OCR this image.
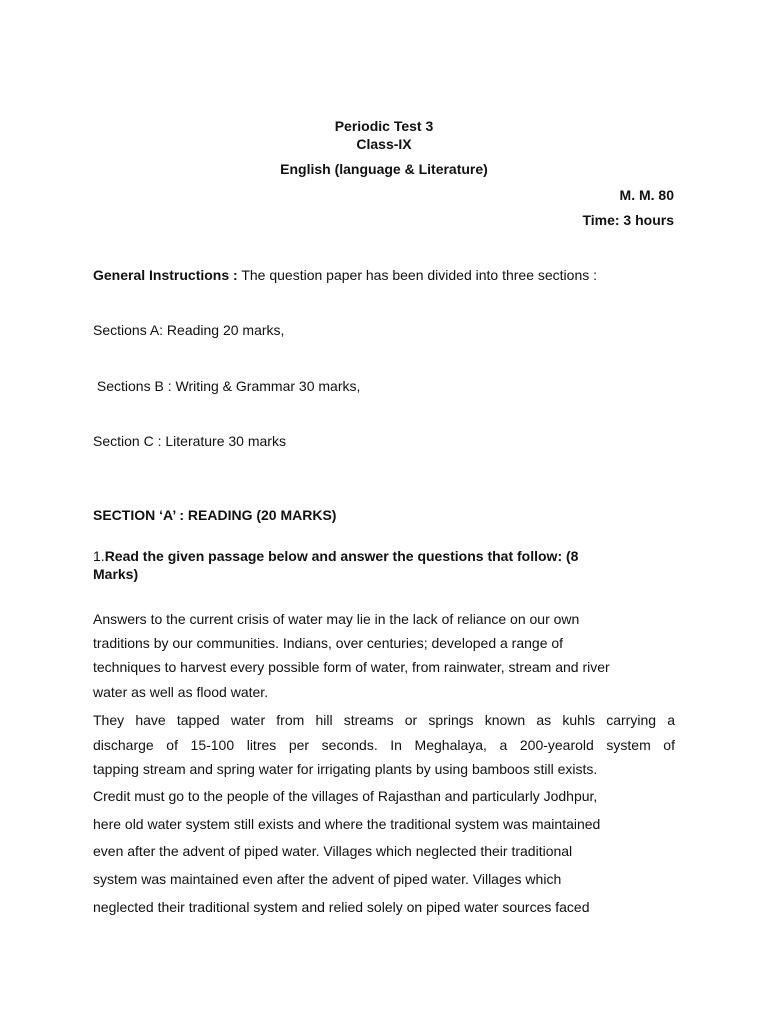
Periodic Test 3
Class-IX
English (language & Literature)
M. M. 80
Time: 3 hours
General Instructions : The question paper has been divided into three sections :
Sections A: Reading 20 marks,
Sections B : Writing & Grammar 30 marks,
Section C : Literature 30 marks
SECTION ‘A’ : READING (20 MARKS)
1.Read the given passage below and answer the questions that follow: (8
Marks)
Answers to the current crisis of water may lie in the lack of reliance on our own
traditions by our communities. Indians, over centuries; developed a range of
techniques to harvest every possible form of water, from rainwater, stream and river
water as well as flood water.
They have tapped water from hill streams or springs known as kuhls carrying a
discharge of 15-100 litres per seconds. In Meghalaya, a 200-yearold system of
tapping stream and spring water for irrigating plants by using bamboos still exists.
Credit must go to the people of the villages of Rajasthan and particularly Jodhpur,
here old water system still exists and where the traditional system was maintained
even after the advent of piped water. Villages which neglected their traditional
system was maintained even after the advent of piped water. Villages which
neglected their traditional system and relied solely on piped water sources faced
